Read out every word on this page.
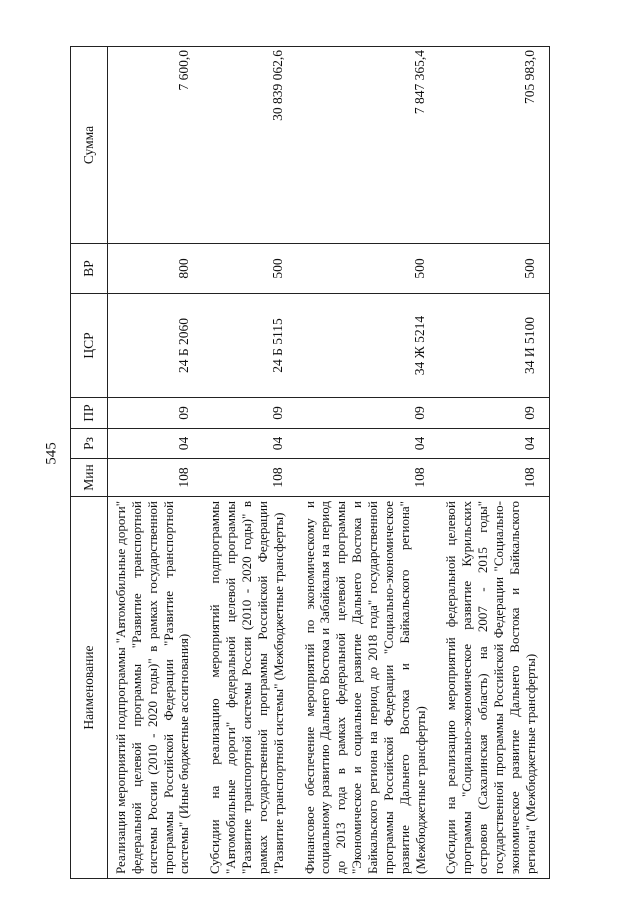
545
Наименование	Мин	Рз	ПР	ЦСР	ВР	Сумма
Реализация мероприятий подпрограммы "Автомобильные дороги" федеральной целевой программы "Развитие транспортной системы России (2010 - 2020 годы)" в рамках государственной программы Российской Федерации "Развитие транспортной системы" (Иные бюджетные ассигнования)	108	04	09	24 Б 2060	800	7 600,0
Субсидии на реализацию мероприятий подпрограммы "Автомобильные дороги" федеральной целевой программы "Развитие транспортной системы России (2010 - 2020 годы)" в рамках государственной программы Российской Федерации "Развитие транспортной системы" (Межбюджетные трансферты)	108	04	09	24 Б 5115	500	30 839 062,6
Финансовое обеспечение мероприятий по экономическому и социальному развитию Дальнего Востока и Забайкалья на период до 2013 года в рамках федеральной целевой программы "Экономическое и социальное развитие Дальнего Востока и Байкальского региона на период до 2018 года" государственной программы Российской Федерации "Социально-экономическое развитие Дальнего Востока и Байкальского региона" (Межбюджетные трансферты)	108	04	09	34 Ж 5214	500	7 847 365,4
Субсидии на реализацию мероприятий федеральной целевой программы "Социально-экономическое развитие Курильских островов (Сахалинская область) на 2007 - 2015 годы" государственной программы Российской Федерации "Социально-экономическое развитие Дальнего Востока и Байкальского региона" (Межбюджетные трансферты)	108	04	09	34 И 5100	500	705 983,0
